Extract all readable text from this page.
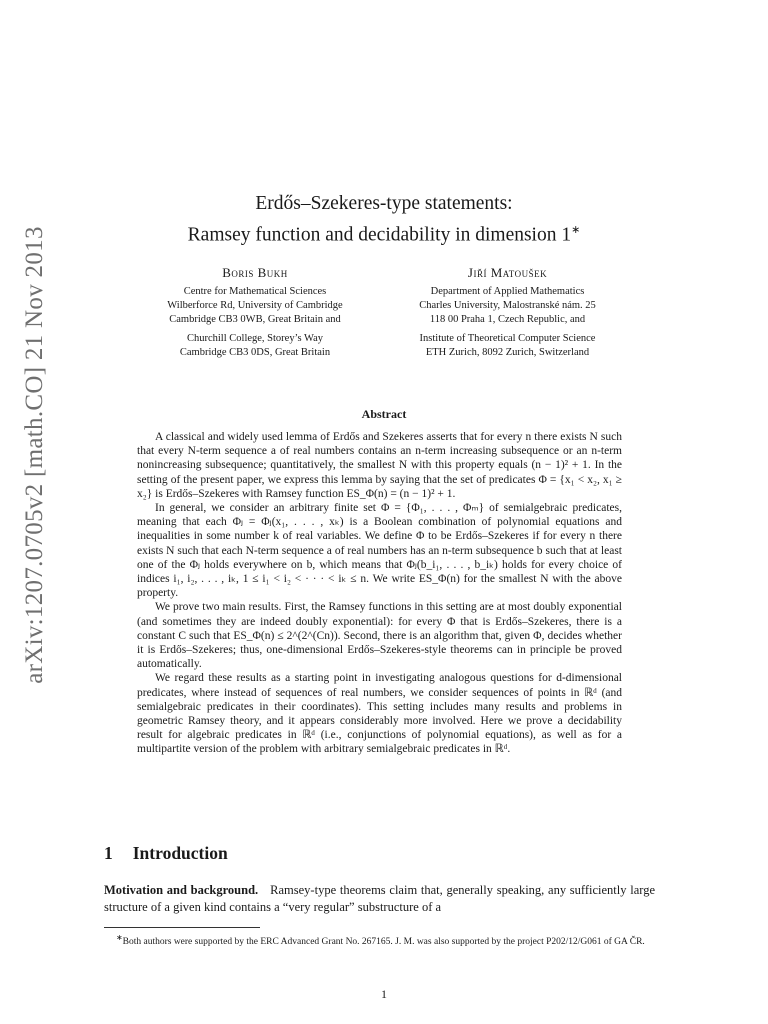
arXiv:1207.0705v2 [math.CO] 21 Nov 2013
Erdős–Szekeres-type statements:
Ramsey function and decidability in dimension 1∗
Boris Bukh
Centre for Mathematical Sciences
Wilberforce Rd, University of Cambridge
Cambridge CB3 0WB, Great Britain and
Churchill College, Storey’s Way
Cambridge CB3 0DS, Great Britain
Jiří Matoušek
Department of Applied Mathematics
Charles University, Malostranské nám. 25
118 00 Praha 1, Czech Republic, and
Institute of Theoretical Computer Science
ETH Zurich, 8092 Zurich, Switzerland
Abstract

A classical and widely used lemma of Erdős and Szekeres asserts that for every n there exists N such that every N-term sequence a of real numbers contains an n-term increasing subsequence or an n-term nonincreasing subsequence; quantitatively, the smallest N with this property equals (n − 1)² + 1. In the setting of the present paper, we express this lemma by saying that the set of predicates Φ = {x₁ < x₂, x₁ ≥ x₂} is Erdős–Szekeres with Ramsey function ES_Φ(n) = (n − 1)² + 1.

In general, we consider an arbitrary finite set Φ = {Φ₁, . . . , Φₘ} of semialgebraic predicates, meaning that each Φⱼ = Φⱼ(x₁, . . . , xₖ) is a Boolean combination of polynomial equations and inequalities in some number k of real variables. We define Φ to be Erdős–Szekeres if for every n there exists N such that each N-term sequence a of real numbers has an n-term subsequence b such that at least one of the Φⱼ holds everywhere on b, which means that Φⱼ(b_i₁, . . . , b_iₖ) holds for every choice of indices i₁, i₂, . . . , iₖ, 1 ≤ i₁ < i₂ < · · · < iₖ ≤ n. We write ES_Φ(n) for the smallest N with the above property.

We prove two main results. First, the Ramsey functions in this setting are at most doubly exponential (and sometimes they are indeed doubly exponential): for every Φ that is Erdős–Szekeres, there is a constant C such that ES_Φ(n) ≤ 2^(2^(Cn)). Second, there is an algorithm that, given Φ, decides whether it is Erdős–Szekeres; thus, one-dimensional Erdős–Szekeres-style theorems can in principle be proved automatically.

We regard these results as a starting point in investigating analogous questions for d-dimensional predicates, where instead of sequences of real numbers, we consider sequences of points in ℝᵈ (and semialgebraic predicates in their coordinates). This setting includes many results and problems in geometric Ramsey theory, and it appears considerably more involved. Here we prove a decidability result for algebraic predicates in ℝᵈ (i.e., conjunctions of polynomial equations), as well as for a multipartite version of the problem with arbitrary semialgebraic predicates in ℝᵈ.

1 Introduction
Motivation and background. Ramsey-type theorems claim that, generally speaking, any sufficiently large structure of a given kind contains a “very regular” substructure of a

∗Both authors were supported by the ERC Advanced Grant No. 267165. J. M. was also supported by the project P202/12/G061 of GA ČR.

1
